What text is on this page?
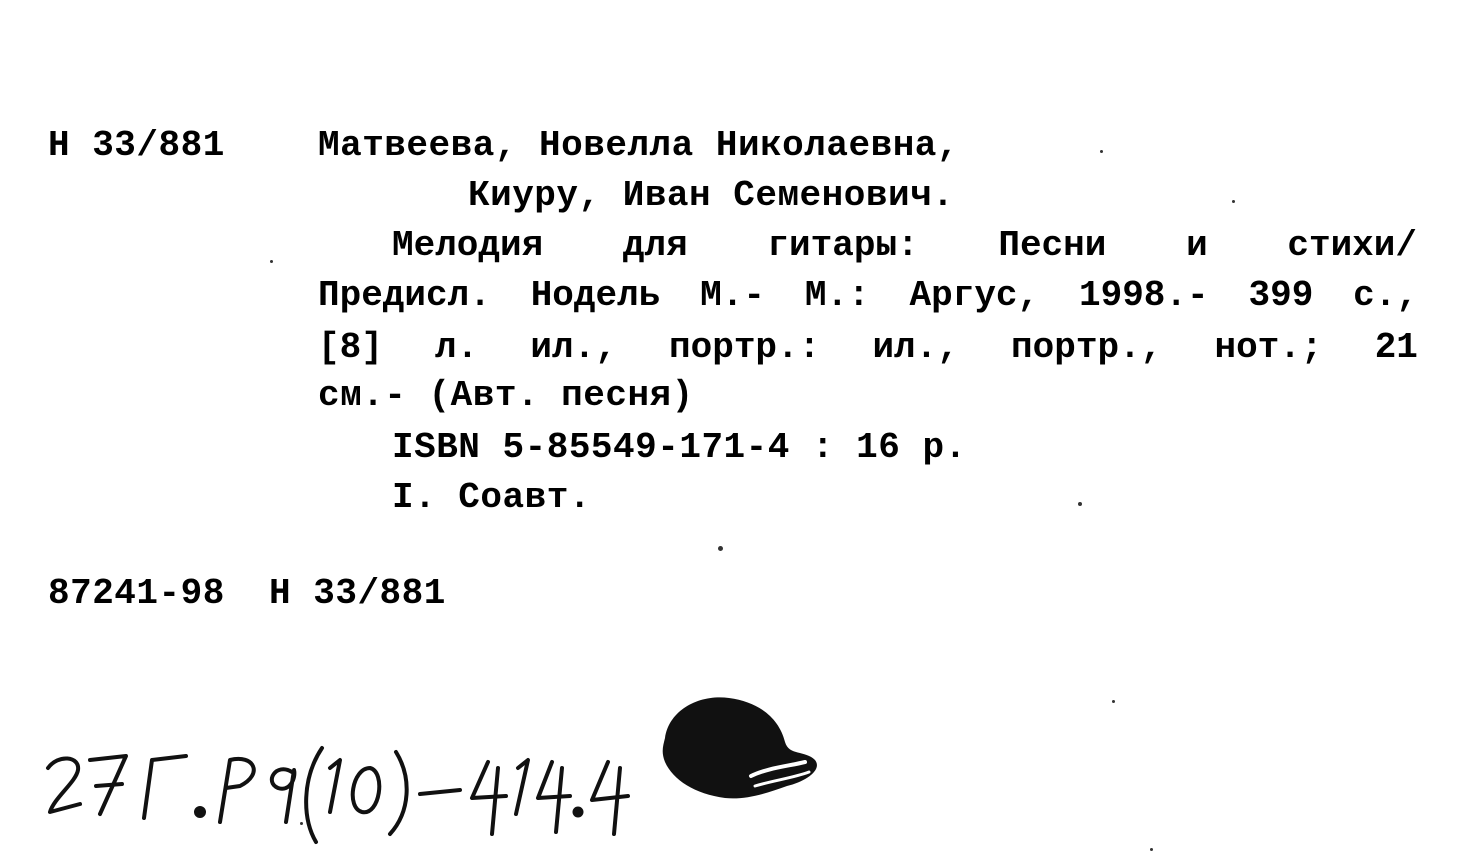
Н 33/881	Матвеева, Новелла Николаевна,
Киуру, Иван Семенович.
Мелодия для гитары: Песни и стихи/
Предисл. Нодель М.- М.: Аргус, 1998.- 399 с.,
[8] л. ил., портр.: ил., портр., нот.; 21
см.- (Авт. песня)
ISBN 5-85549-171-4 : 16 р.
I. Соавт.
87241-98  Н 33/881
